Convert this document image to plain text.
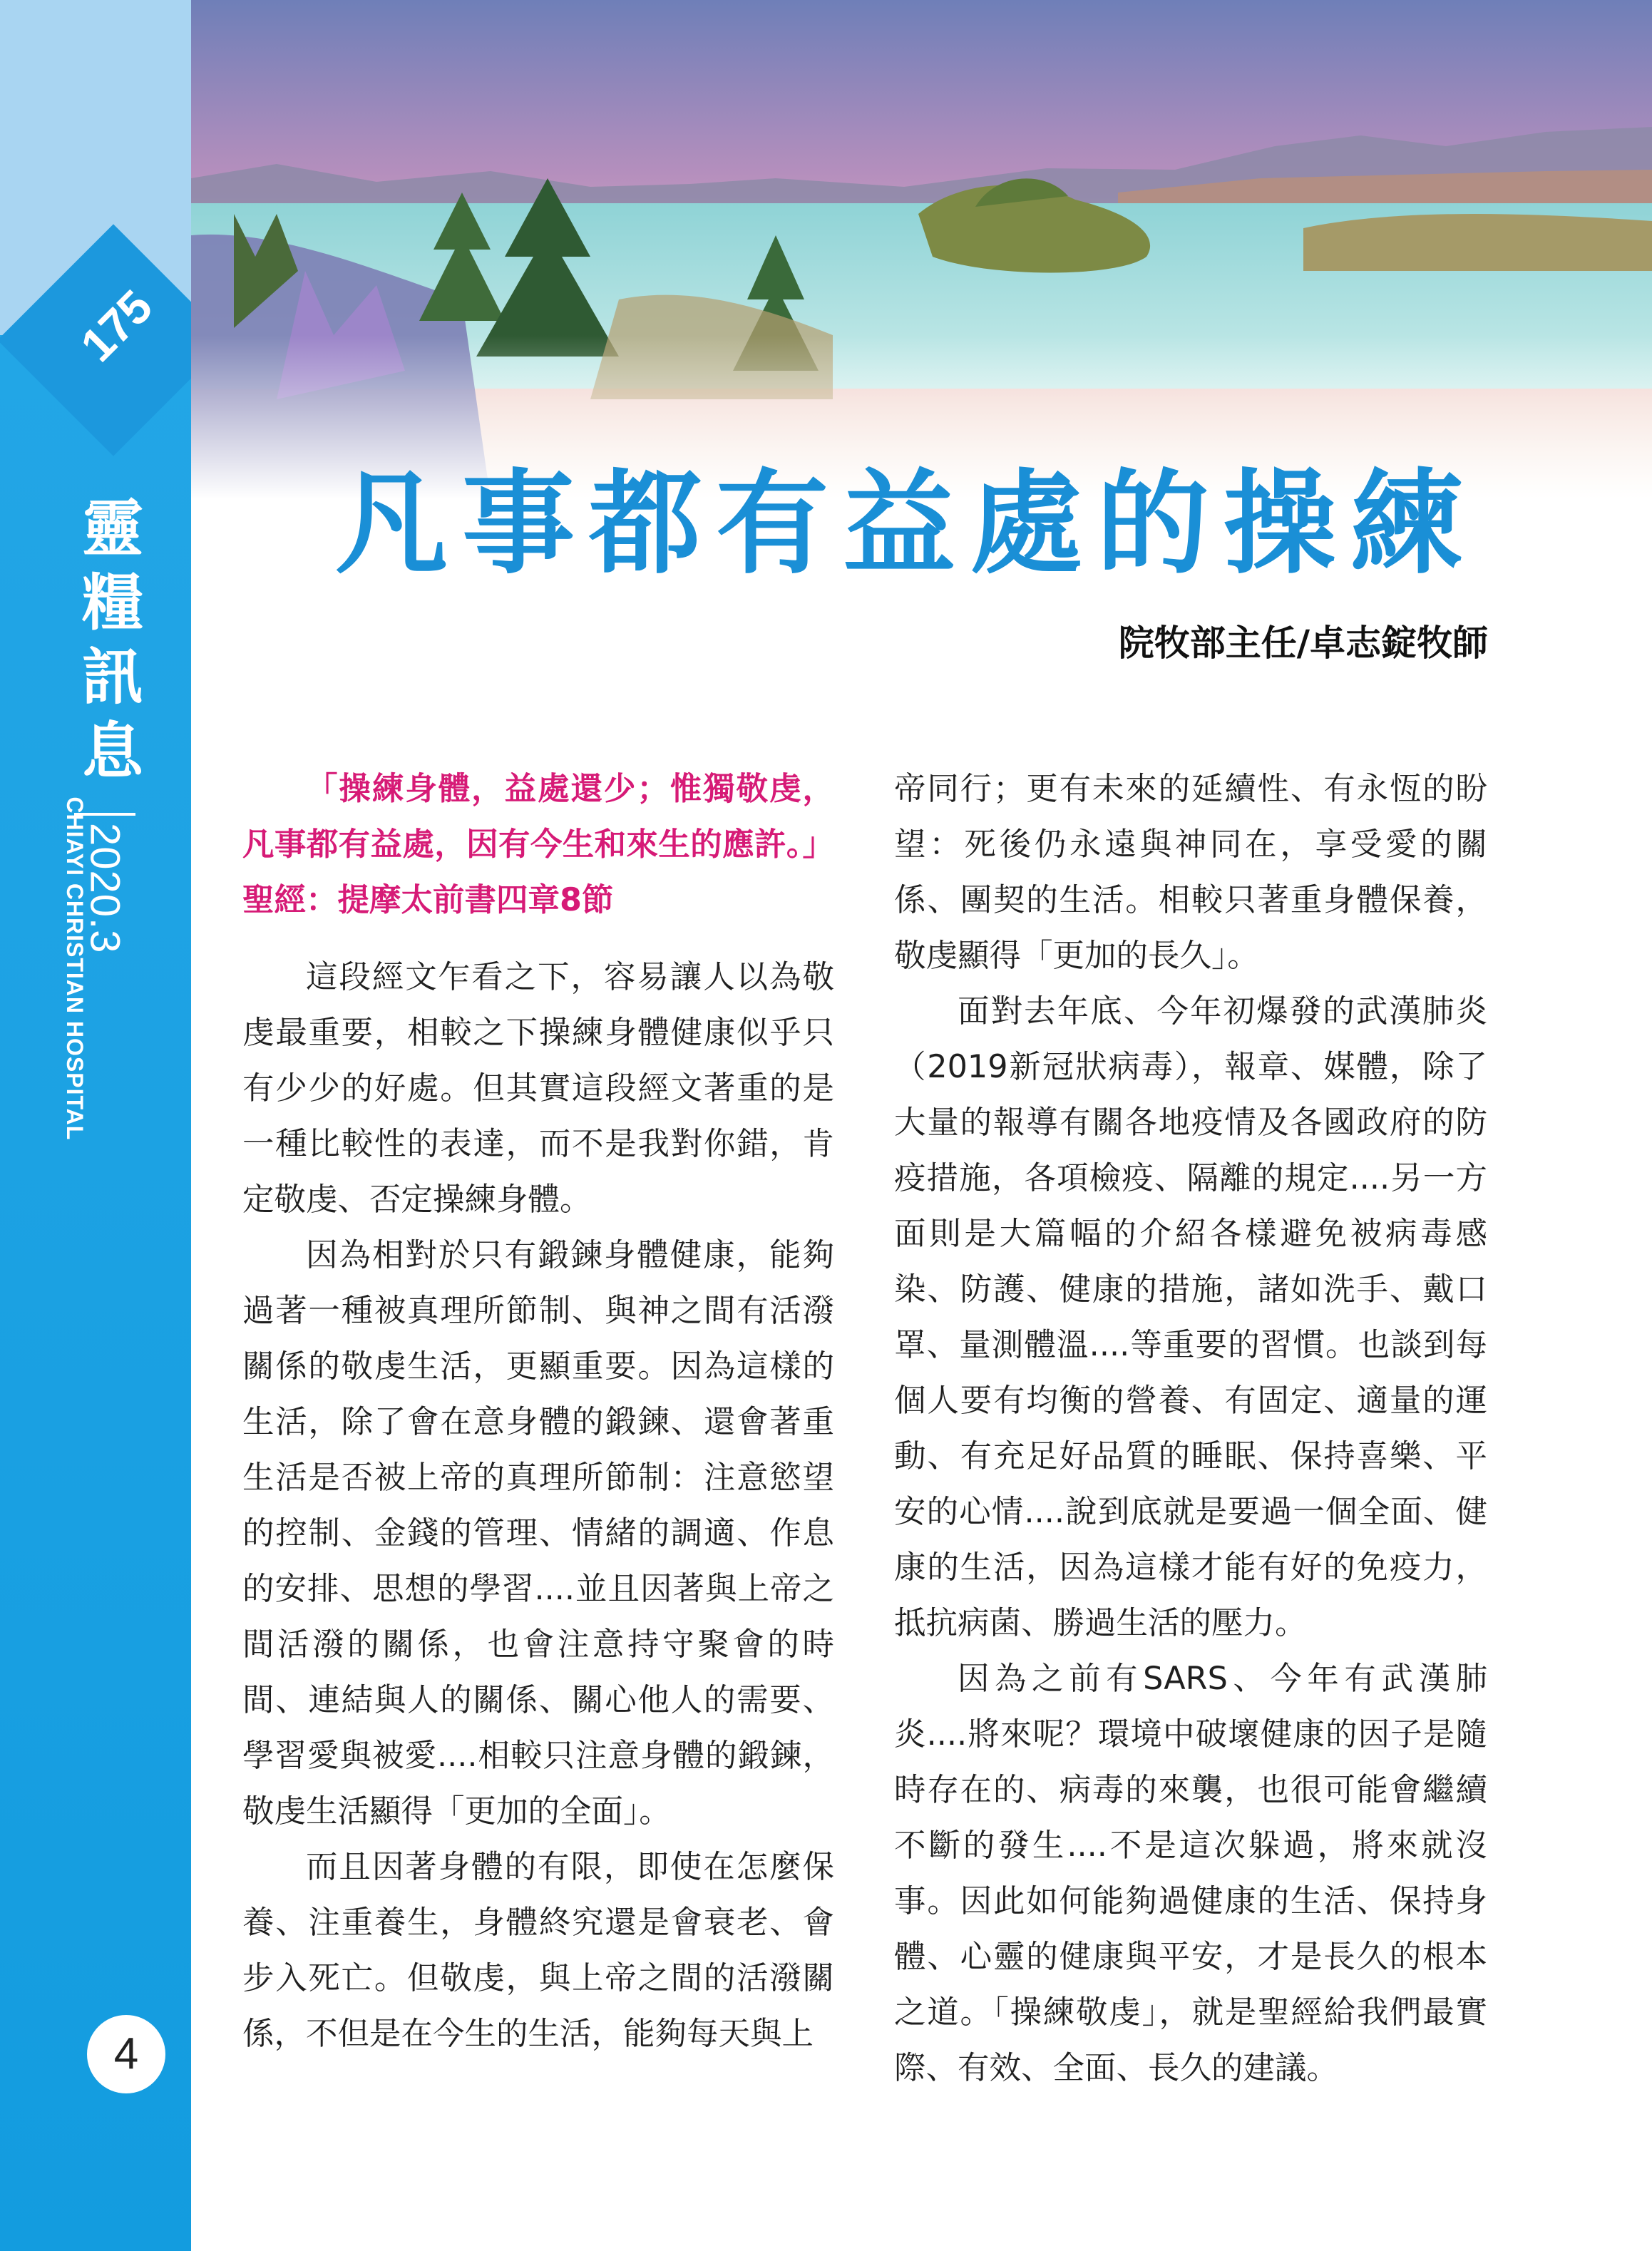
175
靈糧訊息
2020.3CHIAYI CHRISTIAN HOSPITAL
4
凡事都有益處的操練
院牧部主任/卓志錠牧師

「操練身體，益處還少；惟獨敬虔，凡事都有益處，因有今生和來生的應許。」 聖經：提摩太前書四章8節

這段經文乍看之下，容易讓人以為敬虔最重要，相較之下操練身體健康似乎只有少少的好處。但其實這段經文著重的是一種比較性的表達，而不是我對你錯，肯定敬虔、否定操練身體。

因為相對於只有鍛鍊身體健康，能夠過著一種被真理所節制、與神之間有活潑關係的敬虔生活，更顯重要。因為這樣的生活，除了會在意身體的鍛鍊、還會著重生活是否被上帝的真理所節制：注意慾望的控制、金錢的管理、情緒的調適、作息的安排、思想的學習....並且因著與上帝之間活潑的關係，也會注意持守聚會的時間、連結與人的關係、關心他人的需要、學習愛與被愛....相較只注意身體的鍛鍊，敬虔生活顯得「更加的全面」。

而且因著身體的有限，即使在怎麼保養、注重養生，身體終究還是會衰老、會步入死亡。但敬虔，與上帝之間的活潑關係，不但是在今生的生活，能夠每天與上

帝同行；更有未來的延續性、有永恆的盼望：死後仍永遠與神同在，享受愛的關係、團契的生活。相較只著重身體保養，敬虔顯得「更加的長久」。

面對去年底、今年初爆發的武漢肺炎（2019新冠狀病毒），報章、媒體，除了大量的報導有關各地疫情及各國政府的防疫措施，各項檢疫、隔離的規定....另一方面則是大篇幅的介紹各樣避免被病毒感染、防護、健康的措施，諸如洗手、戴口罩、量測體溫....等重要的習慣。也談到每個人要有均衡的營養、有固定、適量的運動、有充足好品質的睡眠、保持喜樂、平安的心情....說到底就是要過一個全面、健康的生活，因為這樣才能有好的免疫力，抵抗病菌、勝過生活的壓力。

因為之前有SARS、今年有武漢肺炎....將來呢？環境中破壞健康的因子是隨時存在的、病毒的來襲，也很可能會繼續不斷的發生....不是這次躲過，將來就沒事。因此如何能夠過健康的生活、保持身體、心靈的健康與平安，才是長久的根本之道。「操練敬虔」，就是聖經給我們最實際、有效、全面、長久的建議。
